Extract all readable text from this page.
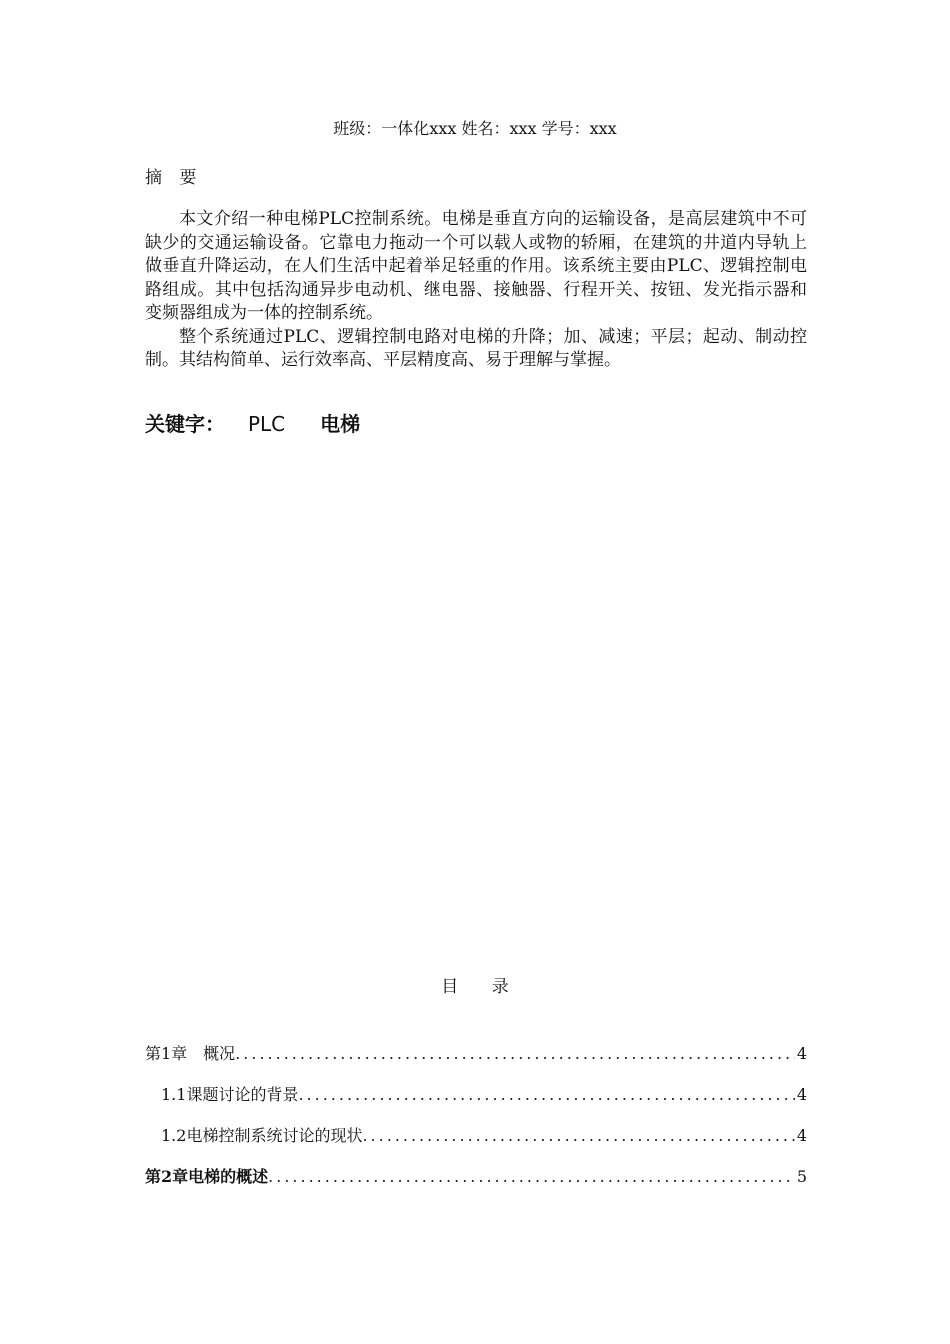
班级：一体化xxx 姓名：xxx 学号：xxx
摘 要

本文介绍一种电梯PLC控制系统。电梯是垂直方向的运输设备，是高层建筑中不可缺少的交通运输设备。它靠电力拖动一个可以载人或物的轿厢，在建筑的井道内导轨上做垂直升降运动，在人们生活中起着举足轻重的作用。该系统主要由PLC、逻辑控制电路组成。其中包括沟通异步电动机、继电器、接触器、行程开关、按钮、发光指示器和变频器组成为一体的控制系统。

整个系统通过PLC、逻辑控制电路对电梯的升降；加、减速；平层；起动、制动控制。其结构简单、运行效率高、平层精度高、易于理解与掌握。

关键字： PLC 电梯
目 录
第1章　概况 .....	4
1.1课题讨论的背景 .....	4
1.2电梯控制系统讨论的现状 .....	4
第2章电梯的概述 .....	5
